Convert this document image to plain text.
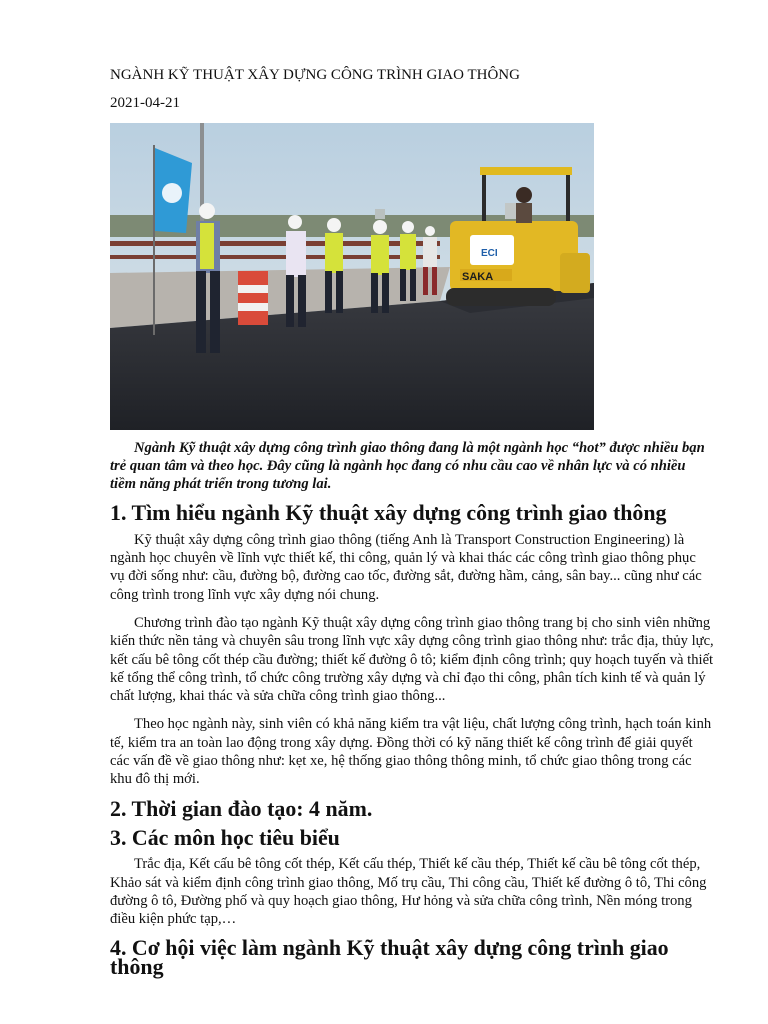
NGÀNH KỸ THUẬT XÂY DỰNG CÔNG TRÌNH GIAO THÔNG
2021-04-21
ECI
SAKA

Ngành Kỹ thuật xây dựng công trình giao thông đang là một ngành học “hot” được nhiều bạn trẻ quan tâm và theo học. Đây cũng là ngành học đang có nhu cầu cao về nhân lực và có nhiều tiềm năng phát triển trong tương lai.

1. Tìm hiểu ngành Kỹ thuật xây dựng công trình giao thông

Kỹ thuật xây dựng công trình giao thông (tiếng Anh là Transport Construction Engineering) là ngành học chuyên về lĩnh vực thiết kế, thi công, quản lý và khai thác các công trình giao thông phục vụ đời sống như: cầu, đường bộ, đường cao tốc, đường sắt, đường hầm, cảng, sân bay... cũng như các công trình trong lĩnh vực xây dựng nói chung.

Chương trình đào tạo ngành Kỹ thuật xây dựng công trình giao thông trang bị cho sinh viên những kiến thức nền tảng và chuyên sâu trong lĩnh vực xây dựng công trình giao thông như: trắc địa, thủy lực, kết cấu bê tông cốt thép cầu đường; thiết kế đường ô tô; kiểm định công trình; quy hoạch tuyến và thiết kế tổng thể công trình, tổ chức công trường xây dựng và chỉ đạo thi công, phân tích kinh tế và quản lý chất lượng, khai thác và sửa chữa công trình giao thông...

Theo học ngành này, sinh viên có khả năng kiểm tra vật liệu, chất lượng công trình, hạch toán kinh tế, kiểm tra an toàn lao động trong xây dựng. Đồng thời có kỹ năng thiết kế công trình để giải quyết các vấn đề về giao thông như: kẹt xe, hệ thống giao thông thông minh, tổ chức giao thông trong các khu đô thị mới.

2. Thời gian đào tạo: 4 năm.
3. Các môn học tiêu biểu

Trắc địa, Kết cấu bê tông cốt thép, Kết cấu thép, Thiết kế cầu thép, Thiết kế cầu bê tông cốt thép, Khảo sát và kiểm định công trình giao thông, Mố trụ cầu, Thi công cầu, Thiết kế đường ô tô, Thi công đường ô tô, Đường phố và quy hoạch giao thông, Hư hỏng và sửa chữa công trình, Nền móng trong điều kiện phức tạp,…

4. Cơ hội việc làm ngành Kỹ thuật xây dựng công trình giao thông
